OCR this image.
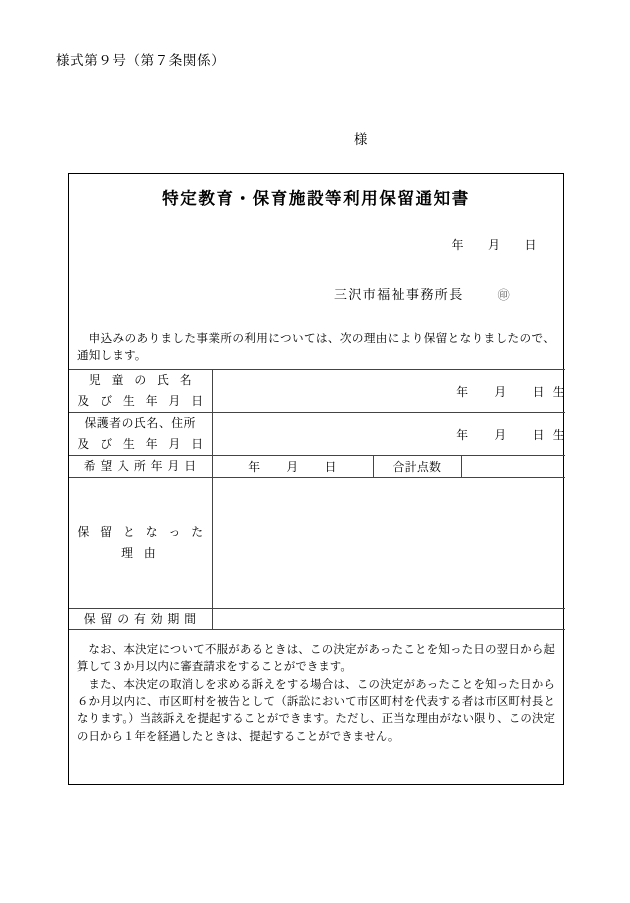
様式第９号（第７条関係）
様
特定教育・保育施設等利用保留通知書
年 月 日
三沢市福祉事務所長	㊞
申込みのありました事業所の利用については、次の理由により保留となりましたので、通知します。
児 童 の 氏 名
及 び 生 年 月 日	年 月 日 生		

保護者の氏名、住所
及 び 生 年 月 日	年 月 日 生		

希 望 入 所 年 月 日	年 月 日	合計点数	

保 留 と な っ た 理 由			

保 留 の 有 効 期 間			

なお、本決定について不服があるときは、この決定があったことを知った日の翌日から起算して３か月以内に審査請求をすることができます。

また、本決定の取消しを求める訴えをする場合は、この決定があったことを知った日から６か月以内に、市区町村を被告として（訴訟において市区町村を代表する者は市区町村長となります。）当該訴えを提起することができます。ただし、正当な理由がない限り、この決定の日から１年を経過したときは、提起することができません。
